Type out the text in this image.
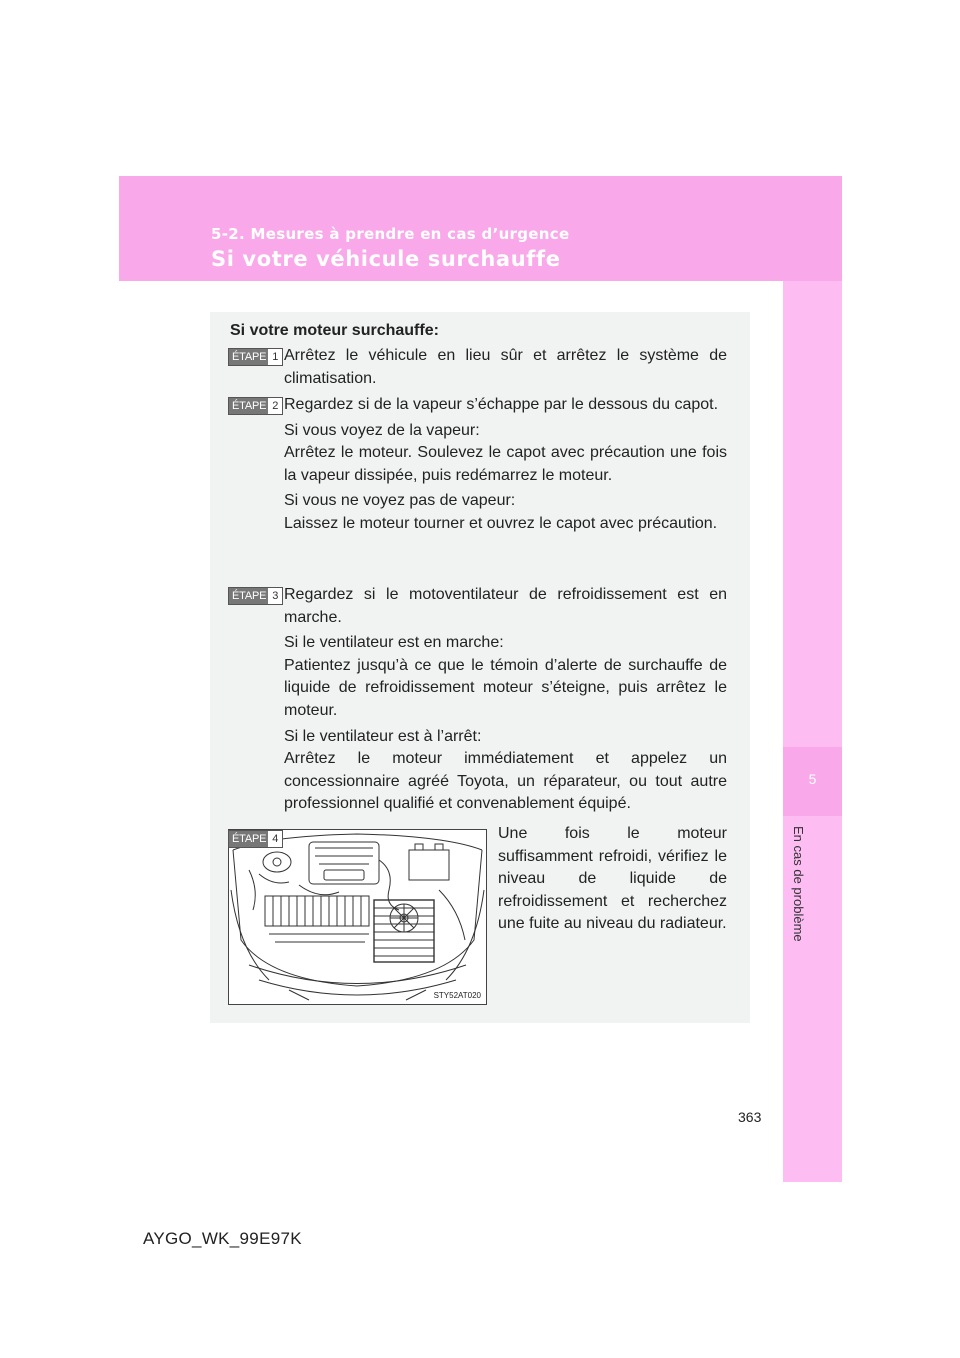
5-2. Mesures à prendre en cas d’urgence
Si votre véhicule surchauffe
5
En cas de problème
Si votre moteur surchauffe:
ÉTAPE 1 Arrêtez le véhicule en lieu sûr et arrêtez le système de climatisation.

ÉTAPE 2 Regardez si de la vapeur s’échappe par le dessous du capot.

Si vous voyez de la vapeur:

Arrêtez le moteur. Soulevez le capot avec précaution une fois la vapeur dissipée, puis redémarrez le moteur.

Si vous ne voyez pas de vapeur:

Laissez le moteur tourner et ouvrez le capot avec précaution.

ÉTAPE 3 Regardez si le motoventilateur de refroidissement est en marche.

Si le ventilateur est en marche:

Patientez jusqu’à ce que le témoin d’alerte de surchauffe de liquide de refroidissement moteur s’éteigne, puis arrêtez le moteur.

Si le ventilateur est à l’arrêt:

Arrêtez le moteur immédiatement et appelez un concessionnaire agréé Toyota, un réparateur, ou tout autre professionnel qualifié et convenablement équipé.

STY52AT020
ÉTAPE 4	Une fois le moteur suffisamment refroidi, vérifiez le niveau de liquide de refroidissement et recherchez une fuite au niveau du radiateur.
363
AYGO_WK_99E97K
